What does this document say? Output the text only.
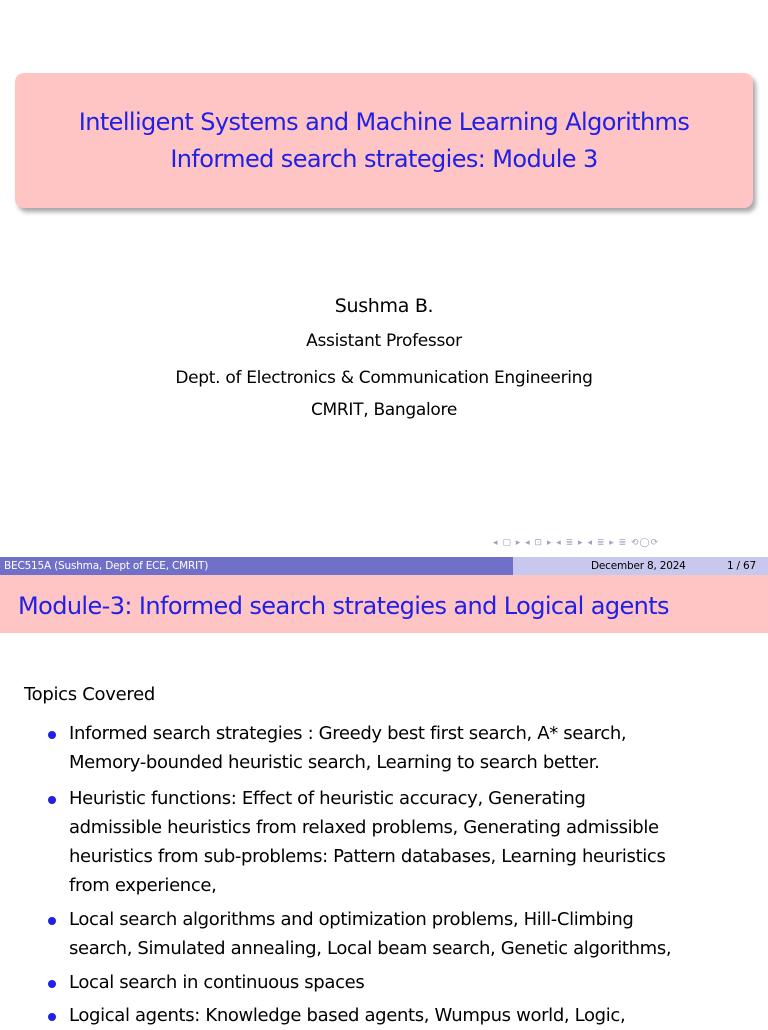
Intelligent Systems and Machine Learning Algorithms
Informed search strategies: Module 3
Sushma B.
Assistant Professor
Dept. of Electronics & Communication Engineering
CMRIT, Bangalore
◂ ▢ ▸ ◂ ⊡ ▸ ◂ ≣ ▸ ◂ ≣ ▸ ≣ ⟲◯⟳
BEC515A (Sushma, Dept of ECE, CMRIT)	December 8, 2024	1 / 67
Module-3: Informed search strategies and Logical agents
Topics Covered
Informed search strategies : Greedy best first search, A* search,
Memory-bounded heuristic search, Learning to search better.
Heuristic functions: Effect of heuristic accuracy, Generating
admissible heuristics from relaxed problems, Generating admissible
heuristics from sub-problems: Pattern databases, Learning heuristics
from experience,
Local search algorithms and optimization problems, Hill-Climbing
search, Simulated annealing, Local beam search, Genetic algorithms,
Local search in continuous spaces
Logical agents: Knowledge based agents, Wumpus world, Logic,
